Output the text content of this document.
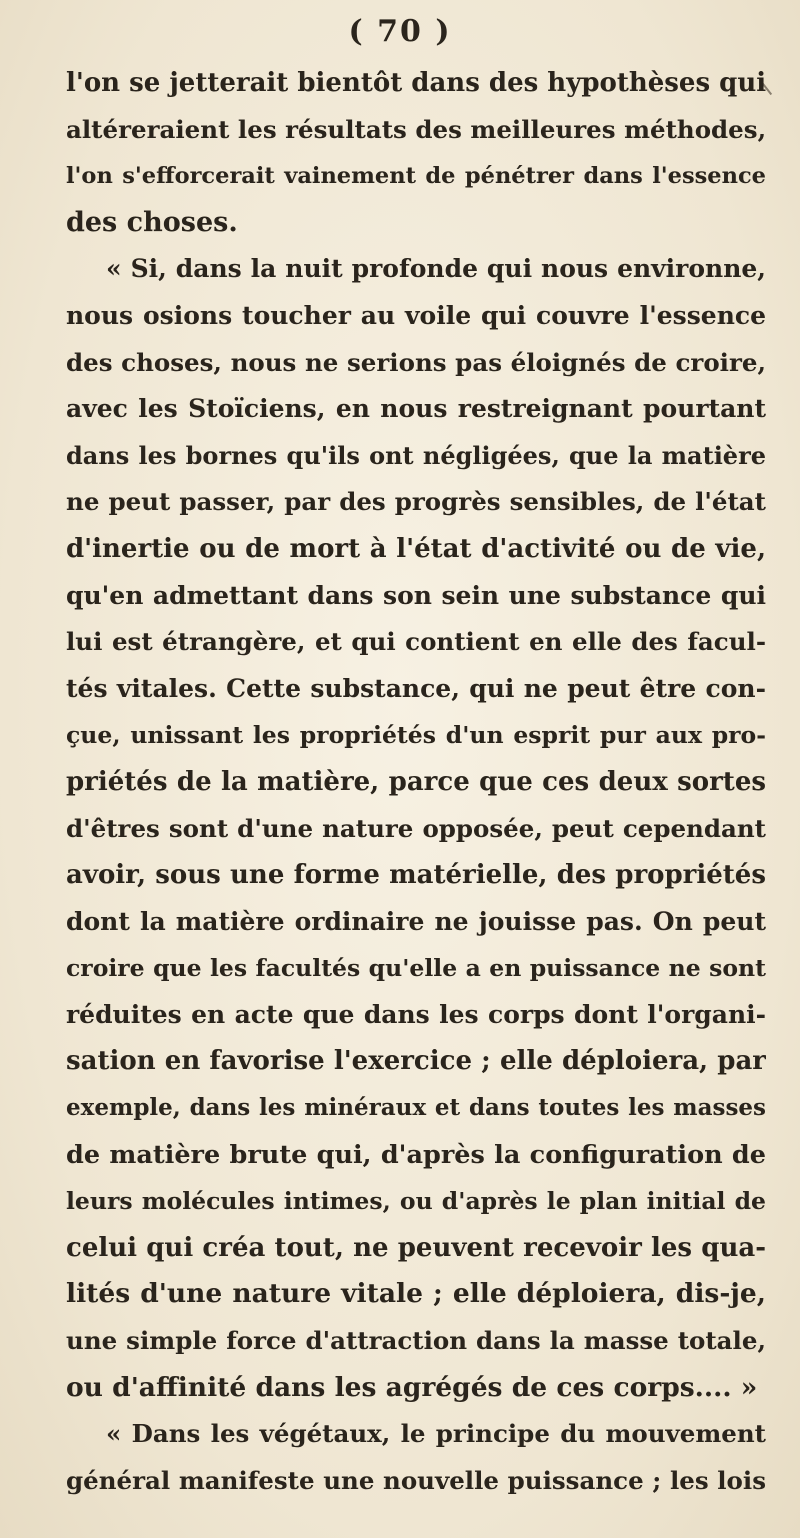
( 70 )
l'on se jetterait bientôt dans des hypothèses qui
altéreraient les résultats des meilleures méthodes,
l'on s'efforcerait vainement de pénétrer dans l'essence
des choses.
« Si, dans la nuit profonde qui nous environne,
nous osions toucher au voile qui couvre l'essence
des choses, nous ne serions pas éloignés de croire,
avec les Stoïciens, en nous restreignant pourtant
dans les bornes qu'ils ont négligées, que la matière
ne peut passer, par des progrès sensibles, de l'état
d'inertie ou de mort à l'état d'activité ou de vie,
qu'en admettant dans son sein une substance qui
lui est étrangère, et qui contient en elle des facul-
tés vitales. Cette substance, qui ne peut être con-
çue, unissant les propriétés d'un esprit pur aux pro-
priétés de la matière, parce que ces deux sortes
d'êtres sont d'une nature opposée, peut cependant
avoir, sous une forme matérielle, des propriétés
dont la matière ordinaire ne jouisse pas. On peut
croire que les facultés qu'elle a en puissance ne sont
réduites en acte que dans les corps dont l'organi-
sation en favorise l'exercice ; elle déploiera, par
exemple, dans les minéraux et dans toutes les masses
de matière brute qui, d'après la configuration de
leurs molécules intimes, ou d'après le plan initial de
celui qui créa tout, ne peuvent recevoir les qua-
lités d'une nature vitale ; elle déploiera, dis-je,
une simple force d'attraction dans la masse totale,
ou d'affinité dans les agrégés de ces corps.... »
« Dans les végétaux, le principe du mouvement
général manifeste une nouvelle puissance ; les lois
